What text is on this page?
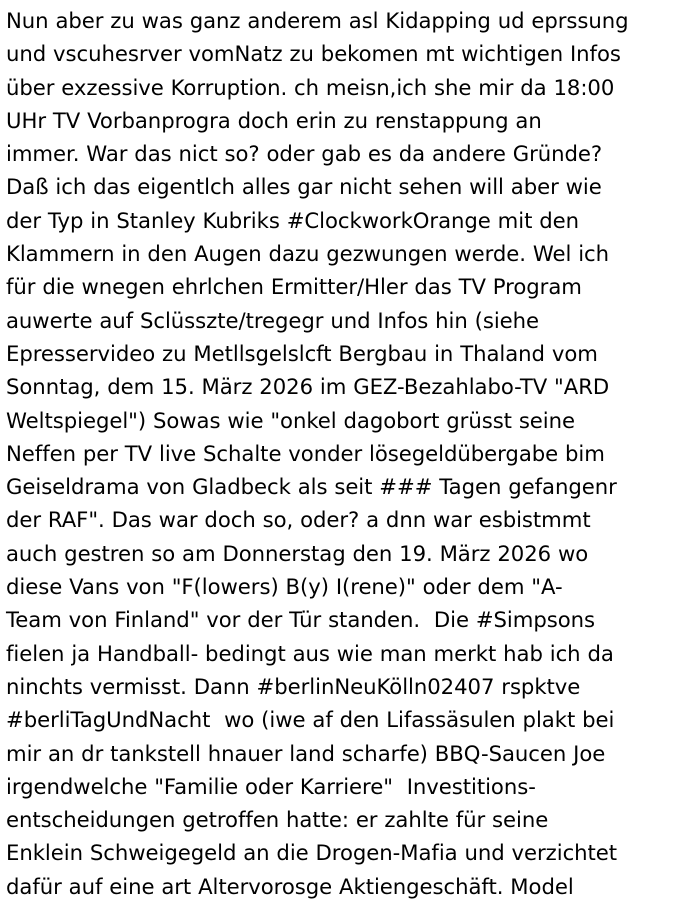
Nun aber zu was ganz anderem asl Kidapping ud eprssung
und vscuhesrver vomNatz zu bekomen mt wichtigen Infos
über exzessive Korruption. ch meisn,ich she mir da 18:00
UHr TV Vorbanprogra doch erin zu renstappung an
immer. War das nict so? oder gab es da andere Gründe?
Daß ich das eigentlch alles gar nicht sehen will aber wie
der Typ in Stanley Kubriks #ClockworkOrange mit den
Klammern in den Augen dazu gezwungen werde. Wel ich
für die wnegen ehrlchen Ermitter/Hler das TV Program
auwerte auf Sclüsszte/tregegr und Infos hin (siehe
Epresservideo zu Metllsgelslcft Bergbau in Thaland vom
Sonntag, dem 15. März 2026 im GEZ-Bezahlabo-TV "ARD
Weltspiegel") Sowas wie "onkel dagobort grüsst seine
Neffen per TV live Schalte vonder lösegeldübergabe bim
Geiseldrama von Gladbeck als seit ### Tagen gefangenr
der RAF". Das war doch so, oder? a dnn war esbistmmt
auch gestren so am Donnerstag den 19. März 2026 wo
diese Vans von "F(lowers) B(y) I(rene)" oder dem "A-
Team von Finland" vor der Tür standen.  Die #Simpsons
fielen ja Handball- bedingt aus wie man merkt hab ich da
ninchts vermisst. Dann #berlinNeuKölln02407 rspktve
#berliTagUndNacht  wo (iwe af den Lifassäsulen plakt bei
mir an dr tankstell hnauer land scharfe) BBQ-Saucen Joe
irgendwelche "Familie oder Karriere"  Investitions-
entscheidungen getroffen hatte: er zahlte für seine
Enklein Schweigegeld an die Drogen-Mafia und verzichtet
dafür auf eine art Altervorosge Aktiengeschäft. Model
